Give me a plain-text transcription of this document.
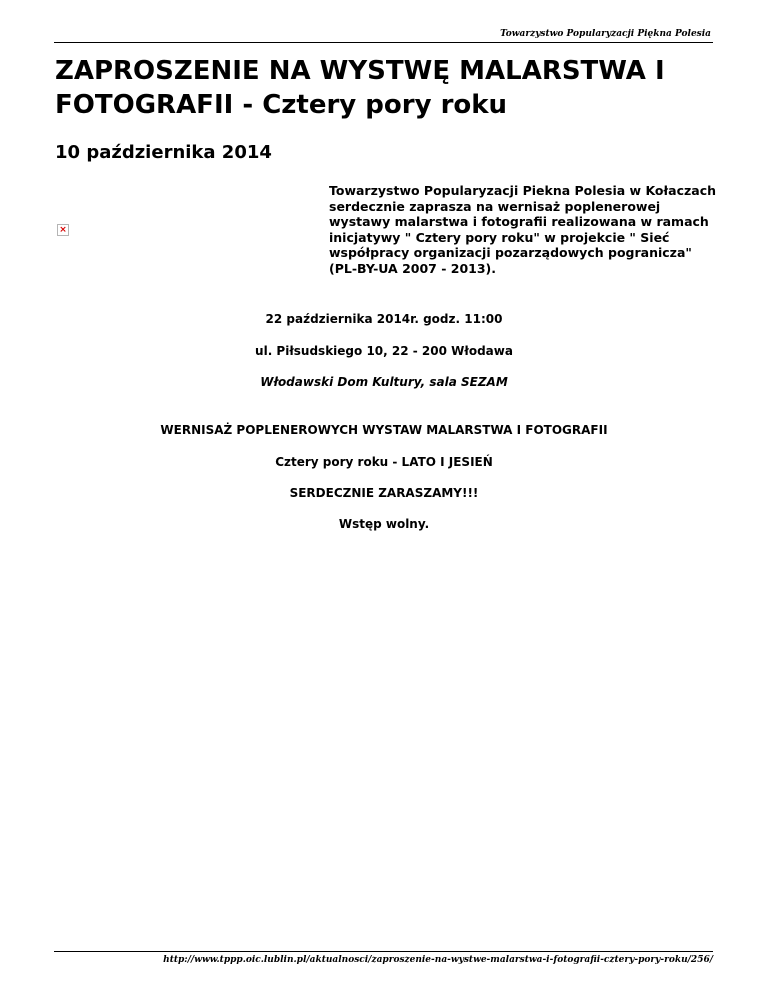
Towarzystwo Popularyzacji Piękna Polesia
ZAPROSZENIE NA WYSTWĘ MALARSTWA I FOTOGRAFII - Cztery pory roku
10 października 2014
×

Towarzystwo Popularyzacji Piekna Polesia w Kołaczach serdecznie zaprasza na wernisaż poplenerowej wystawy malarstwa i fotografii realizowana w ramach inicjatywy " Cztery pory roku" w projekcie " Sieć współpracy organizacji pozarządowych pogranicza" (PL-BY-UA 2007 - 2013).

22 października 2014r. godz. 11:00

ul. Piłsudskiego 10, 22 - 200 Włodawa

Włodawski Dom Kultury, sala SEZAM

WERNISAŻ POPLENEROWYCH WYSTAW MALARSTWA I FOTOGRAFII

Cztery pory roku - LATO I JESIEŃ

SERDECZNIE ZARASZAMY!!!

Wstęp wolny.

http://www.tppp.oic.lublin.pl/aktualnosci/zaproszenie-na-wystwe-malarstwa-i-fotografii-cztery-pory-roku/256/
